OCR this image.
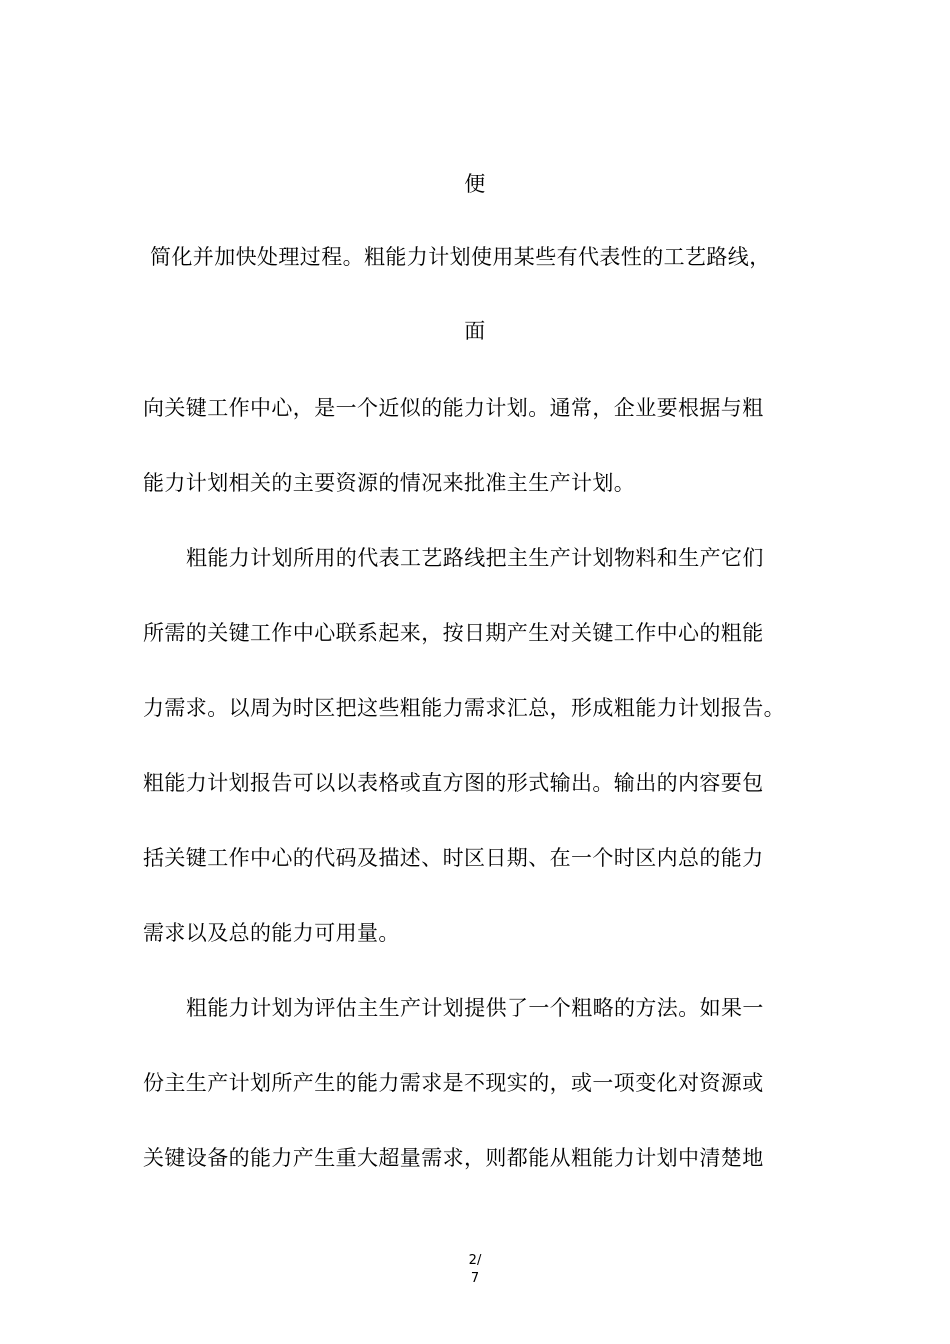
便
简化并加快处理过程。粗能力计划使用某些有代表性的工艺路线，
面
向关键工作中心，是一个近似的能力计划。通常，企业要根据与粗
能力计划相关的主要资源的情况来批准主生产计划。
粗能力计划所用的代表工艺路线把主生产计划物料和生产它们
所需的关键工作中心联系起来，按日期产生对关键工作中心的粗能
力需求。以周为时区把这些粗能力需求汇总，形成粗能力计划报告。
粗能力计划报告可以以表格或直方图的形式输出。输出的内容要包
括关键工作中心的代码及描述、时区日期、在一个时区内总的能力
需求以及总的能力可用量。
粗能力计划为评估主生产计划提供了一个粗略的方法。如果一
份主生产计划所产生的能力需求是不现实的，或一项变化对资源或
关键设备的能力产生重大超量需求，则都能从粗能力计划中清楚地
2/
7
